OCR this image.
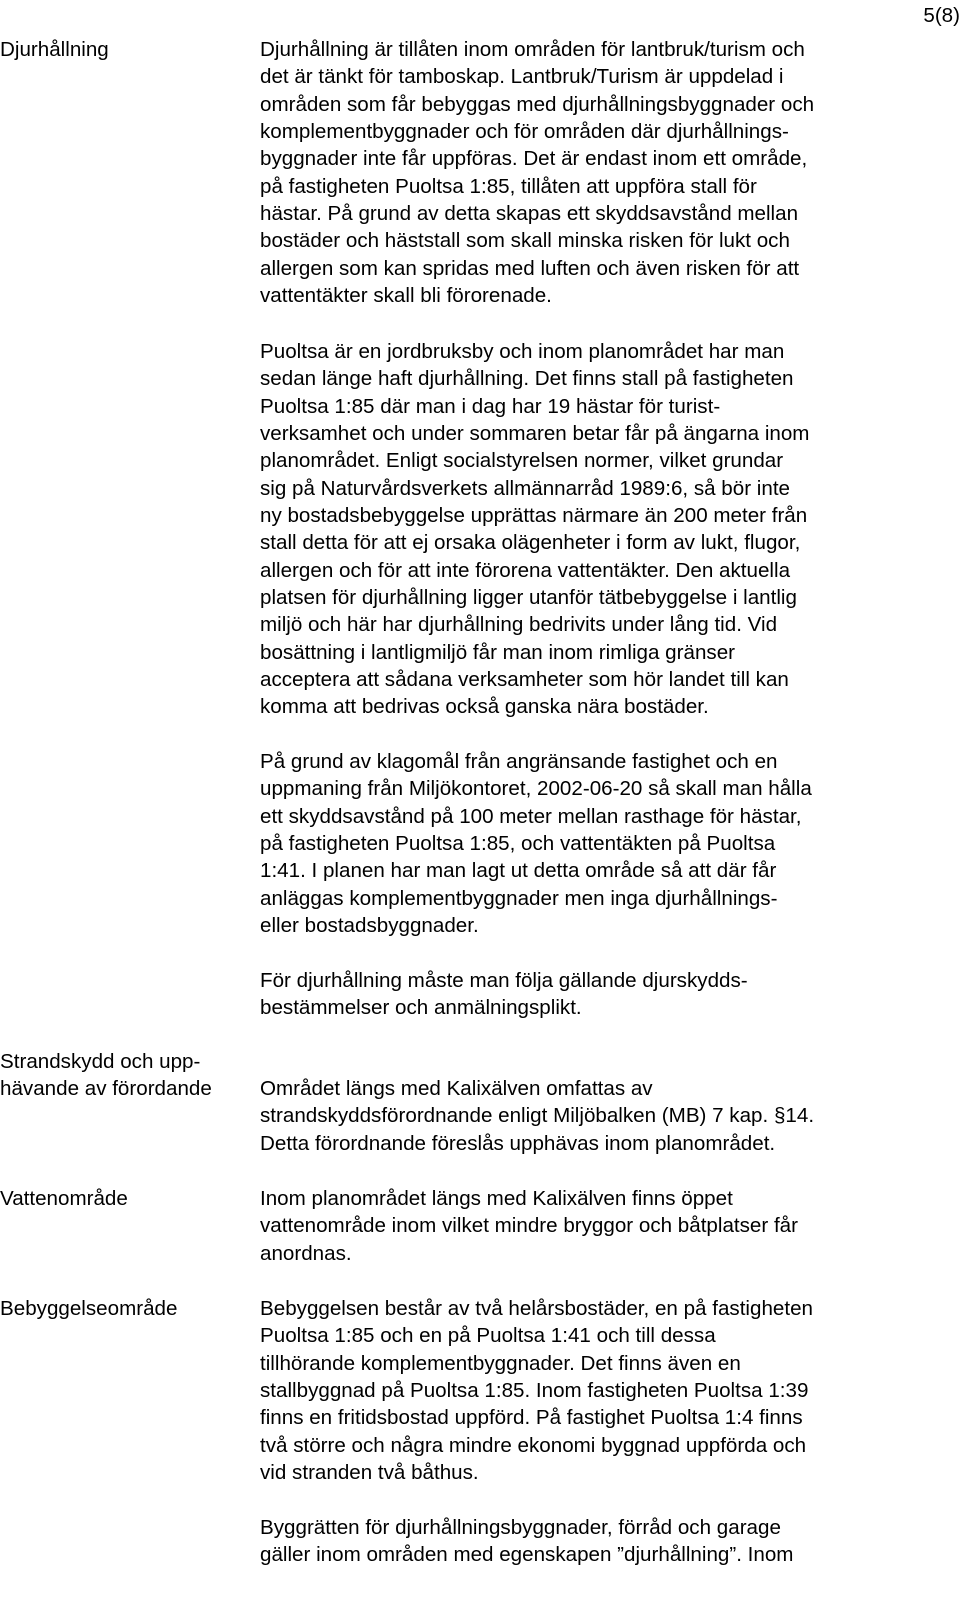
5(8)
Djurhållning	Djurhållning är tillåten inom områden för lantbruk/turism och
det är tänkt för tamboskap. Lantbruk/Turism är uppdelad i
områden som får bebyggas med djurhållningsbyggnader och
komplementbyggnader och för områden där djurhållnings-
byggnader inte får uppföras. Det är endast inom ett område,
på fastigheten Puoltsa 1:85, tillåten att uppföra stall för
hästar. På grund av detta skapas ett skyddsavstånd mellan
bostäder och häststall som skall minska risken för lukt och
allergen som kan spridas med luften och även risken för att
vattentäkter skall bli förorenade.

Puoltsa är en jordbruksby och inom planområdet har man
sedan länge haft djurhållning. Det finns stall på fastigheten
Puoltsa 1:85 där man i dag har 19 hästar för turist-
verksamhet och under sommaren betar får på ängarna inom
planområdet. Enligt socialstyrelsen normer, vilket grundar
sig på Naturvårdsverkets allmännarråd 1989:6, så bör inte
ny bostadsbebyggelse upprättas närmare än 200 meter från
stall detta för att ej orsaka olägenheter i form av lukt, flugor,
allergen och för att inte förorena vattentäkter. Den aktuella
platsen för djurhållning ligger utanför tätbebyggelse i lantlig
miljö och här har djurhållning bedrivits under lång tid. Vid
bosättning i lantligmiljö får man inom rimliga gränser
acceptera att sådana verksamheter som hör landet till kan
komma att bedrivas också ganska nära bostäder.

På grund av klagomål från angränsande fastighet och en
uppmaning från Miljökontoret, 2002-06-20 så skall man hålla
ett skyddsavstånd på 100 meter mellan rasthage för hästar,
på fastigheten Puoltsa 1:85, och vattentäkten på Puoltsa
1:41. I planen har man lagt ut detta område så att där får
anläggas komplementbyggnader men inga djurhållnings-
eller bostadsbyggnader.

För djurhållning måste man följa gällande djurskydds-
bestämmelser och anmälningsplikt.

Strandskydd och upp-
hävande av förordande	Området längs med Kalixälven omfattas av
strandskyddsförordnande enligt Miljöbalken (MB) 7 kap. §14.
Detta förordnande föreslås upphävas inom planområdet.

Vattenområde	Inom planområdet längs med Kalixälven finns öppet
vattenområde inom vilket mindre bryggor och båtplatser får
anordnas.

Bebyggelseområde	Bebyggelsen består av två helårsbostäder, en på fastigheten
Puoltsa 1:85 och en på Puoltsa 1:41 och till dessa
tillhörande komplementbyggnader. Det finns även en
stallbyggnad på Puoltsa 1:85. Inom fastigheten Puoltsa 1:39
finns en fritidsbostad uppförd. På fastighet Puoltsa 1:4 finns
två större och några mindre ekonomi byggnad uppförda och
vid stranden två båthus.

Byggrätten för djurhållningsbyggnader, förråd och garage
gäller inom områden med egenskapen ”djurhållning”. Inom
